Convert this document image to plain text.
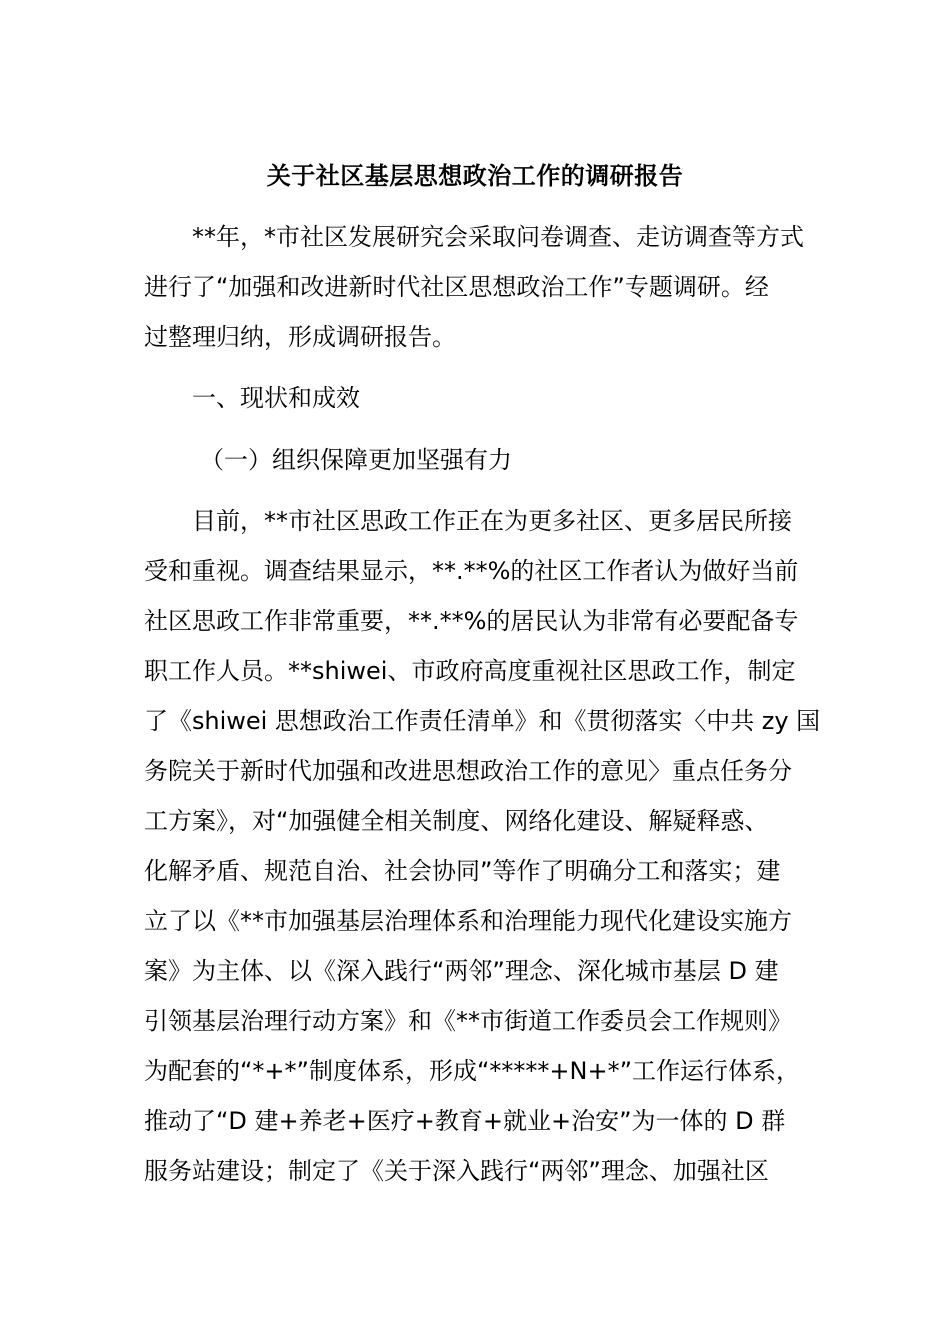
关于社区基层思想政治工作的调研报告
**年，*市社区发展研究会采取问卷调查、走访调查等方式
进行了“加强和改进新时代社区思想政治工作”专题调研。经
过整理归纳，形成调研报告。
一、现状和成效
（一）组织保障更加坚强有力
目前，**市社区思政工作正在为更多社区、更多居民所接
受和重视。调查结果显示，**.**%的社区工作者认为做好当前
社区思政工作非常重要，**.**%的居民认为非常有必要配备专
职工作人员。**shiwei、市政府高度重视社区思政工作，制定
了《shiwei 思想政治工作责任清单》和《贯彻落实〈中共 zy 国
务院关于新时代加强和改进思想政治工作的意见〉重点任务分
工方案》，对“加强健全相关制度、网络化建设、解疑释惑、
化解矛盾、规范自治、社会协同”等作了明确分工和落实；建
立了以《**市加强基层治理体系和治理能力现代化建设实施方
案》为主体、以《深入践行“两邻”理念、深化城市基层 D 建
引领基层治理行动方案》和《**市街道工作委员会工作规则》
为配套的“*+*”制度体系，形成“*****+N+*”工作运行体系，
推动了“D 建+养老+医疗+教育+就业+治安”为一体的 D 群
服务站建设；制定了《关于深入践行“两邻”理念、加强社区
